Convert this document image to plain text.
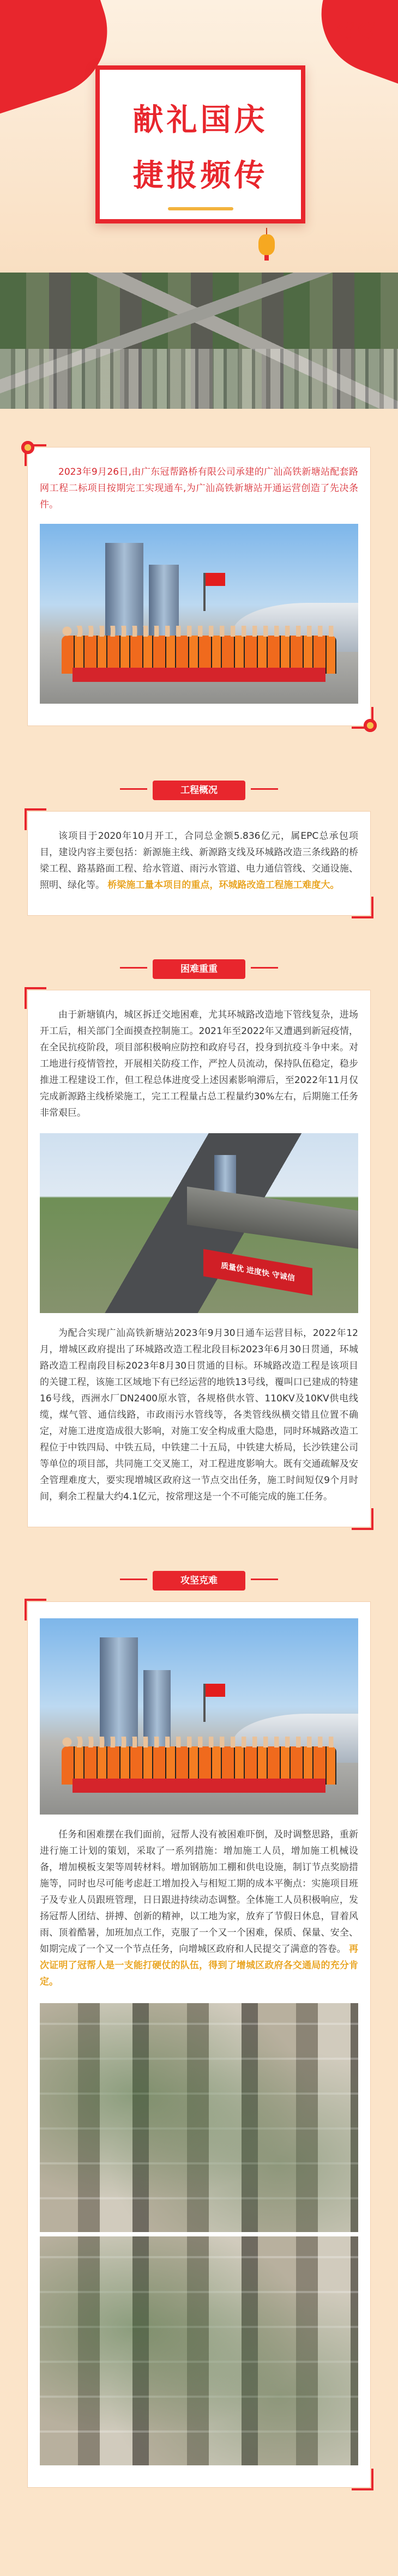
🕊🕊
献礼国庆
捷报频传

2023年9月26日,由广东冠帮路桥有限公司承建的广汕高铁新塘站配套路网工程二标项目按期完工实现通车,为广汕高铁新塘站开通运营创造了先决条件。

工程概况

该项目于2020年10月开工，合同总金额5.836亿元，属EPC总承包项目，建设内容主要包括：新源施主线、新源路支线及环城路改造三条线路的桥梁工程、路基路面工程、给水管道、雨污水管道、电力通信管线、交通设施、照明、绿化等。 桥梁施工量本项目的重点，环城路改造工程施工难度大。

困难重重

由于新塘镇内，城区拆迁交地困难，尤其环城路改造地下管线复杂，进场开工后，相关部门全面摸查控制施工。2021年至2022年又遭遇到新冠疫情，在全民抗疫阶段，项目部积极响应防控和政府号召，投身到抗疫斗争中来。对工地进行疫情管控，开展相关防疫工作，严控人员流动，保持队伍稳定，稳步推进工程建设工作，但工程总体进度受上述因素影响滞后，至2022年11月仅完成新源路主线桥梁施工，完工工程量占总工程量约30%左右，后期施工任务非常艰巨。

质量优 进度快 守诚信

为配合实现广汕高铁新塘站2023年9月30日通车运营目标，2022年12月，增城区政府提出了环城路改造工程北段目标2023年6月30日贯通，环城路改造工程南段目标2023年8月30日贯通的目标。环城路改造工程是该项目的关键工程，该施工区域地下有已经运营的地铁13号线，覆叫口已建成的特建16号线，西洲水厂DN2400原水管，各规格供水管、110KV及10KV供电线缆，煤气管、通信线路，市政雨污水管线等，各类管线纵横交错且位置不确定，对施工进度造成很大影响，对施工安全构成重大隐患，同时环城路改造工程位于中铁四局、中铁五局，中铁建二十五局，中铁建大桥局，长沙铁建公司等单位的项目部，共同施工交叉施工，对工程进度影响大。既有交通疏解及安全管理难度大，要实现增城区政府这一节点交出任务，施工时间短仅9个月时间，剩余工程量大约4.1亿元，按常理这是一个不可能完成的施工任务。

攻坚克难

任务和困难摆在我们面前，冠帮人没有被困难吓倒，及时调整思路，重新进行施工计划的策划，采取了一系列措施：增加施工人员，增加施工机械设备，增加模板支架等周转材料。增加钢筋加工棚和供电设施，制订节点奖励措施等，同时也尽可能考虑赶工增加投入与相短工期的成本平衡点：实施项目班子及专业人员跟班管理，日日跟进持续动态调整。全体施工人员积极响应，发扬冠帮人团结、拼搏、创新的精神，以工地为家，放弃了节假日休息，冒着风雨、顶着酷暑，加班加点工作，克服了一个又一个困难，保质、保量、安全、如期完成了一个又一个节点任务，向增城区政府和人民提交了满意的答卷。 再次证明了冠帮人是一支能打硬仗的队伍，得到了增城区政府各交通局的充分肯定。
